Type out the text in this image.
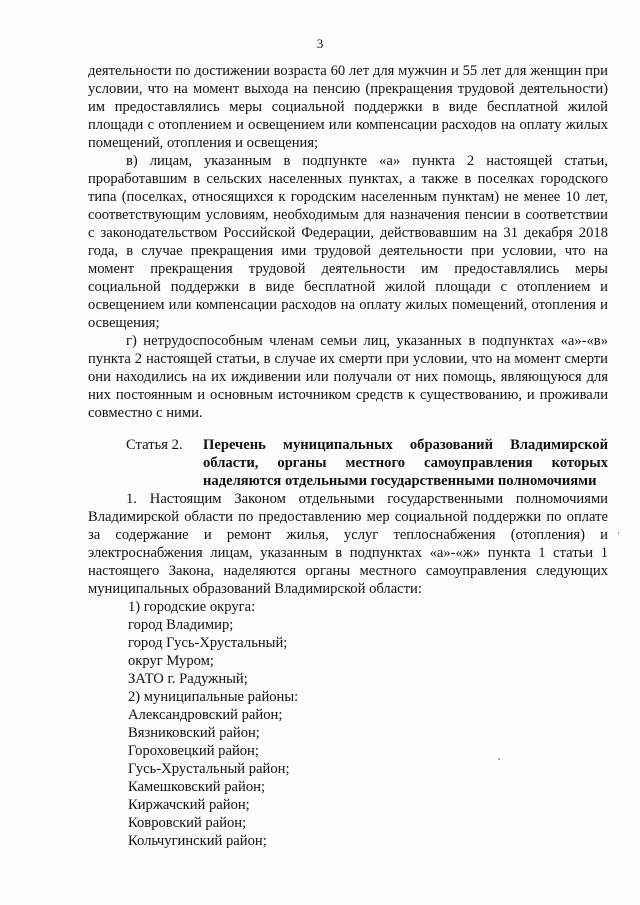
3

деятельности по достижении возраста 60 лет для мужчин и 55 лет для женщин при условии, что на момент выхода на пенсию (прекращения трудовой деятельности) им предоставлялись меры социальной поддержки в виде бесплатной жилой площади с отоплением и освещением или компенсации расходов на оплату жилых помещений, отопления и освещения;

в) лицам, указанным в подпункте «а» пункта 2 настоящей статьи, проработавшим в сельских населенных пунктах, а также в поселках городского типа (поселках, относящихся к городским населенным пунктам) не менее 10 лет, соответствующим условиям, необходимым для назначения пенсии в соответствии с законодательством Российской Федерации, действовавшим на 31 декабря 2018 года, в случае прекращения ими трудовой деятельности при условии, что на момент прекращения трудовой деятельности им предоставлялись меры социальной поддержки в виде бесплатной жилой площади с отоплением и освещением или компенсации расходов на оплату жилых помещений, отопления и освещения;

г) нетрудоспособным членам семьи лиц, указанных в подпунктах «а»-«в» пункта 2 настоящей статьи, в случае их смерти при условии, что на момент смерти они находились на их иждивении или получали от них помощь, являющуюся для них постоянным и основным источником средств к существованию, и проживали совместно с ними.

Статья 2. Перечень муниципальных образований Владимирской области, органы местного самоуправления которых наделяются отдельными государственными полномочиями

1. Настоящим Законом отдельными государственными полномочиями Владимирской области по предоставлению мер социальной поддержки по оплате за содержание и ремонт жилья, услуг теплоснабжения (отопления) и электроснабжения лицам, указанным в подпунктах «а»-«ж» пункта 1 статьи 1 настоящего Закона, наделяются органы местного самоуправления следующих муниципальных образований Владимирской области:

1) городские округа:
город Владимир;
город Гусь-Хрустальный;
округ Муром;
ЗАТО г. Радужный;
2) муниципальные районы:
Александровский район;
Вязниковский район;
Гороховецкий район;
Гусь-Хрустальный район;
Камешковский район;
Киржачский район;
Ковровский район;
Кольчугинский район;
